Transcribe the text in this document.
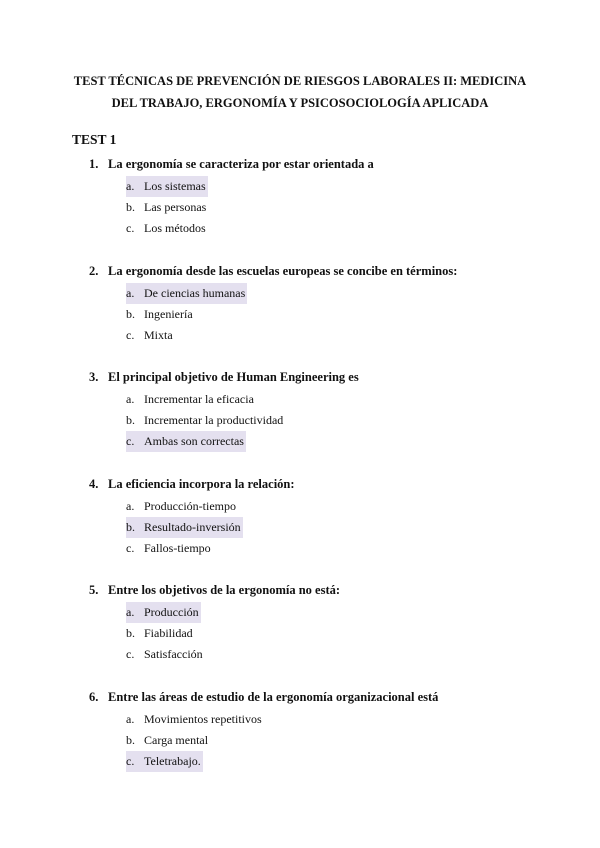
TEST TÉCNICAS DE PREVENCIÓN DE RIESGOS LABORALES II: MEDICINA
DEL TRABAJO, ERGONOMÍA Y PSICOSOCIOLOGÍA APLICADA
TEST 1
1. La ergonomía se caracteriza por estar orientada a
a. Los sistemas
b. Las personas
c. Los métodos
2. La ergonomía desde las escuelas europeas se concibe en términos:
a. De ciencias humanas
b. Ingeniería
c. Mixta
3. El principal objetivo de Human Engineering es
a. Incrementar la eficacia
b. Incrementar la productividad
c. Ambas son correctas
4. La eficiencia incorpora la relación:
a. Producción-tiempo
b. Resultado-inversión
c. Fallos-tiempo
5. Entre los objetivos de la ergonomía no está:
a. Producción
b. Fiabilidad
c. Satisfacción
6. Entre las áreas de estudio de la ergonomía organizacional está
a. Movimientos repetitivos
b. Carga mental
c. Teletrabajo.
